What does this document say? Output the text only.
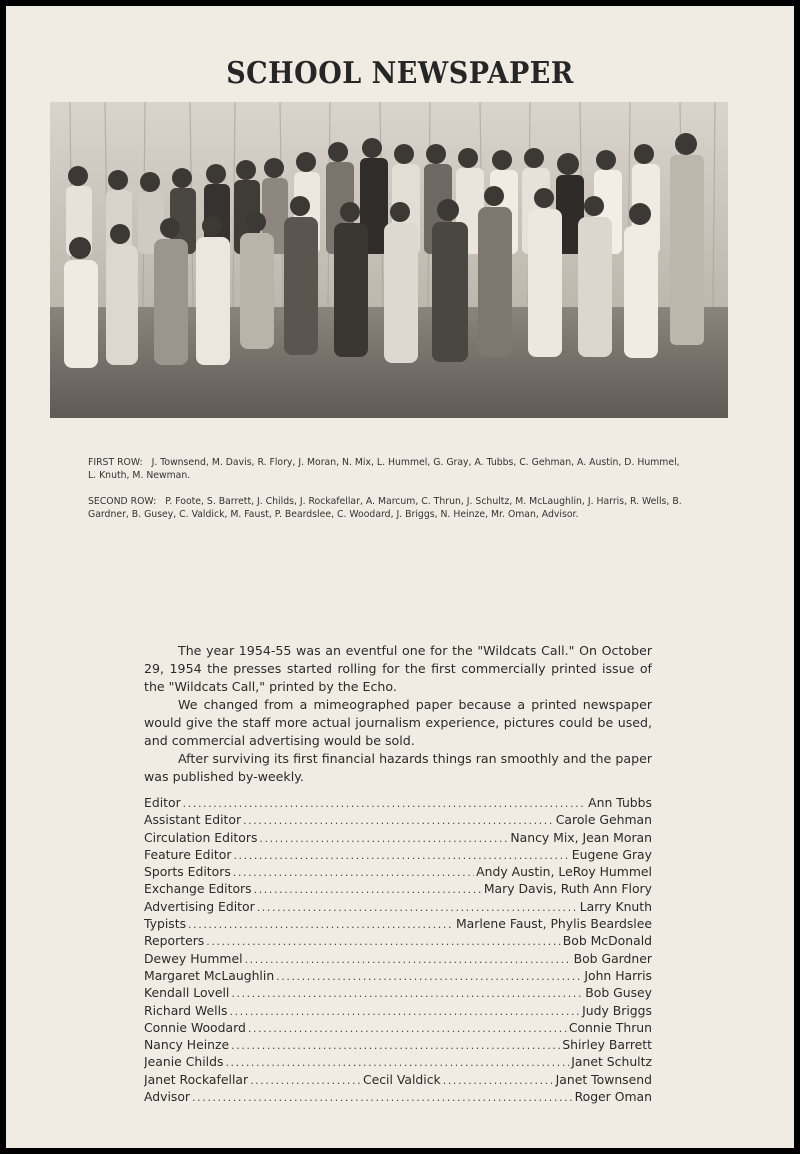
SCHOOL NEWSPAPER
FIRST ROW: J. Townsend, M. Davis, R. Flory, J. Moran, N. Mix, L. Hummel, G. Gray, A. Tubbs, C. Gehman, A. Austin, D. Hummel, L. Knuth, M. Newman.
SECOND ROW: P. Foote, S. Barrett, J. Childs, J. Rockafellar, A. Marcum, C. Thrun, J. Schultz, M. McLaughlin, J. Harris, R. Wells, B. Gardner, B. Gusey, C. Valdick, M. Faust, P. Beardslee, C. Woodard, J. Briggs, N. Heinze, Mr. Oman, Advisor.

The year 1954-55 was an eventful one for the "Wildcats Call." On October 29, 1954 the presses started rolling for the first commercially printed issue of the "Wildcats Call," printed by the Echo.

We changed from a mimeographed paper because a printed newspaper would give the staff more actual journalism experience, pictures could be used, and commercial advertising would be sold.

After surviving its first financial hazards things ran smoothly and the paper was published by-weekly.

Editor .....	Ann Tubbs
Assistant Editor .....	Carole Gehman
Circulation Editors .....	Nancy Mix, Jean Moran
Feature Editor .....	Eugene Gray
Sports Editors .....	Andy Austin, LeRoy Hummel
Exchange Editors .....	Mary Davis, Ruth Ann Flory
Advertising Editor .....	Larry Knuth
Typists .....	Marlene Faust, Phylis Beardslee
Reporters .....	Bob McDonald
Dewey Hummel .....	Bob Gardner
Margaret McLaughlin .....	John Harris
Kendall Lovell .....	Bob Gusey
Richard Wells .....	Judy Briggs
Connie Woodard .....	Connie Thrun
Nancy Heinze .....	Shirley Barrett
Jeanie Childs .....	Janet Schultz
Janet Rockafellar .....	Cecil Valdick .....	Janet Townsend
Advisor .....	Roger Oman
